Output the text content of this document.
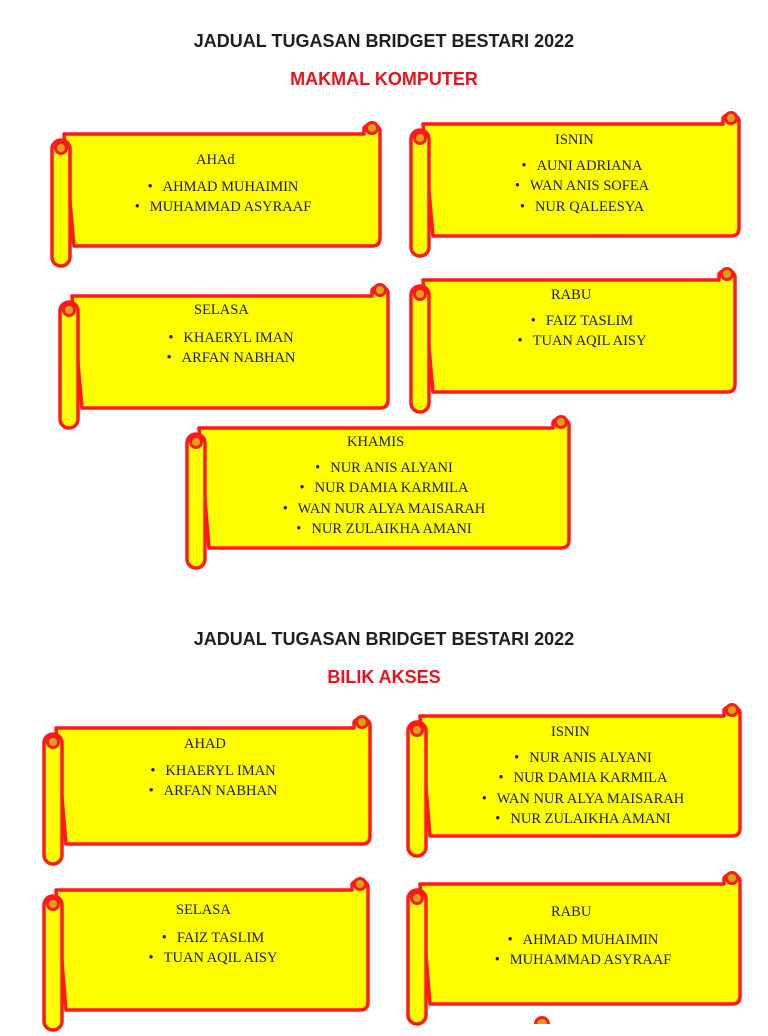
JADUAL TUGASAN BRIDGET BESTARI 2022
MAKMAL KOMPUTER
AHAd
• AHMAD MUHAIMIN
• MUHAMMAD ASYRAAF
ISNIN
• AUNI ADRIANA
• WAN ANIS SOFEA
• NUR QALEESYA
SELASA
• KHAERYL IMAN
• ARFAN NABHAN
RABU
• FAIZ TASLIM
• TUAN AQIL AISY
KHAMIS
• NUR ANIS ALYANI
• NUR DAMIA KARMILA
• WAN NUR ALYA MAISARAH
• NUR ZULAIKHA AMANI
JADUAL TUGASAN BRIDGET BESTARI 2022
BILIK AKSES
AHAD
• KHAERYL IMAN
• ARFAN NABHAN
ISNIN
• NUR ANIS ALYANI
• NUR DAMIA KARMILA
• WAN NUR ALYA MAISARAH
• NUR ZULAIKHA AMANI
SELASA
• FAIZ TASLIM
• TUAN AQIL AISY
RABU
• AHMAD MUHAIMIN
• MUHAMMAD ASYRAAF
